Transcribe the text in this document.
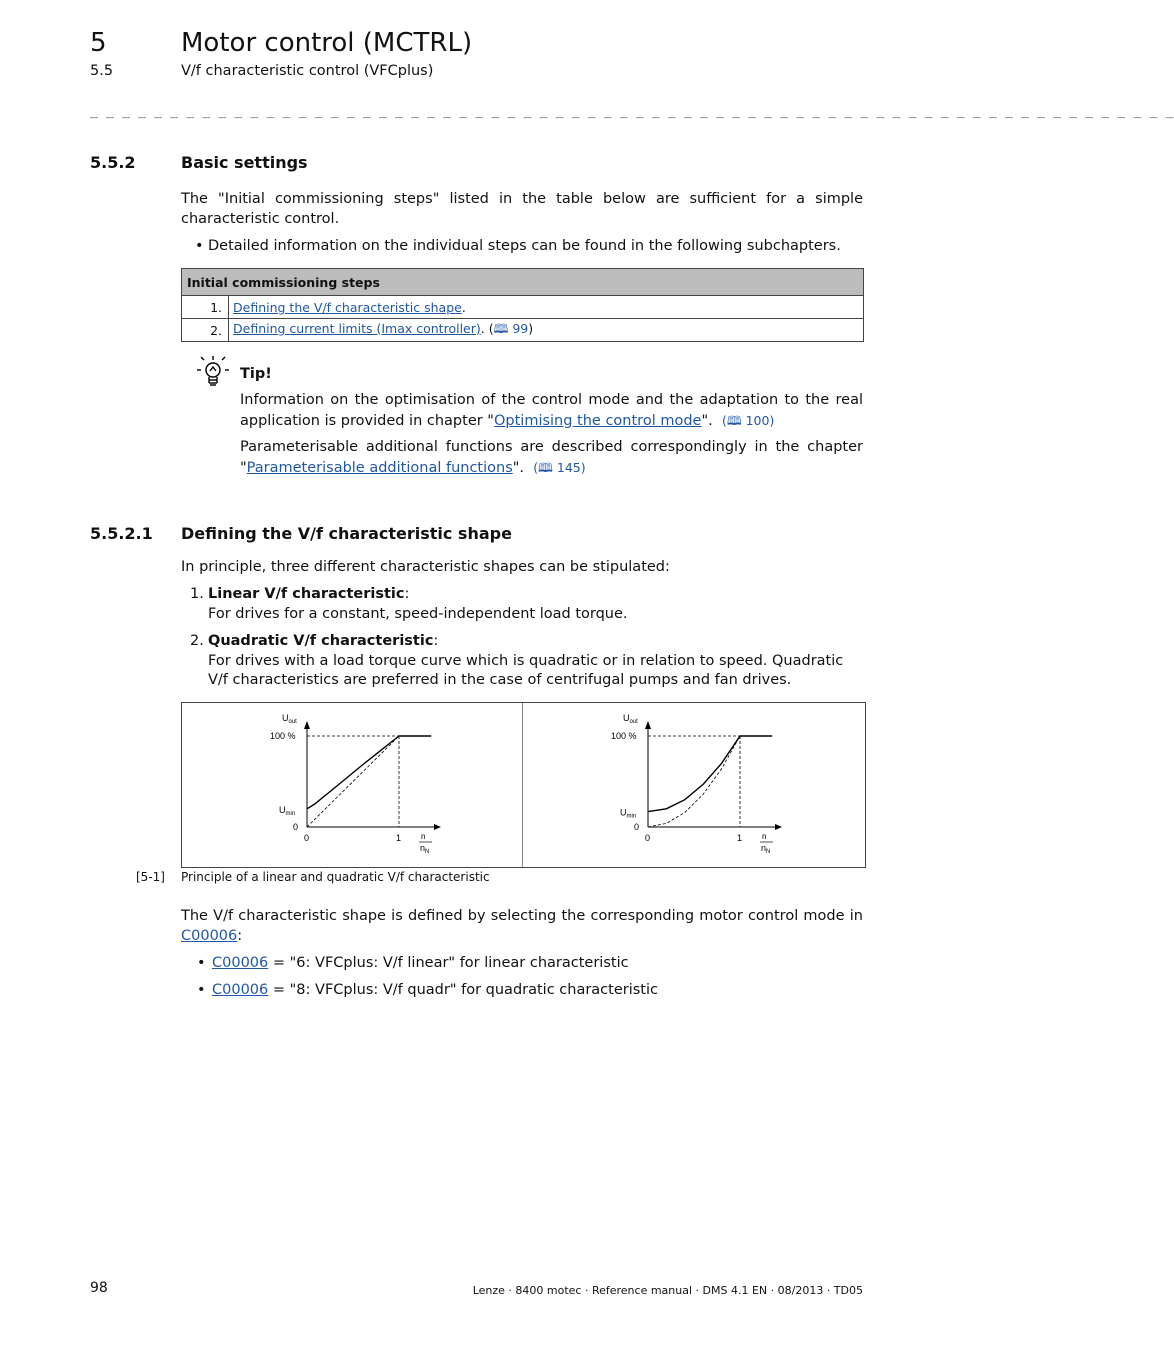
5	Motor control (MCTRL)
5.5	V/f characteristic control (VFCplus)
_ _ _ _ _ _ _ _ _ _ _ _ _ _ _ _ _ _ _ _ _ _ _ _ _ _ _ _ _ _ _ _ _ _ _ _ _ _ _ _ _ _ _ _ _ _ _ _ _ _ _ _ _ _ _ _ _ _ _ _ _ _ _ _ _ _ _ _
5.5.2	Basic settings
The "Initial commissioning steps" listed in the table below are sufficient for a simple characteristic control.
• Detailed information on the individual steps can be found in the following subchapters.
Initial commissioning steps	
1.	Defining the V/f characteristic shape.
2.	Defining current limits (Imax controller). (🕮 99)
Tip!
Information on the optimisation of the control mode and the adaptation to the real application is provided in chapter "Optimising the control mode". (🕮 100)
Parameterisable additional functions are described correspondingly in the chapter "Parameterisable additional functions". (🕮 145)
5.5.2.1 Defining the V/f characteristic shape
In principle, three different characteristic shapes can be stipulated:
1. Linear V/f characteristic:
For drives for a constant, speed-independent load torque.
2. Quadratic V/f characteristic:
For drives with a load torque curve which is quadratic or in relation to speed. Quadratic V/f characteristics are preferred in the case of centrifugal pumps and fan drives.
$U_{out}$
100 %
$U_{min}$
0
0	1 n
$n_N$
$U_{out}$
100 %
$U_{min}$
0
0	1 n
$n_N$
[5-1] Principle of a linear and quadratic V/f characteristic
The V/f characteristic shape is defined by selecting the corresponding motor control mode in C00006:
• C00006 = "6: VFCplus: V/f linear" for linear characteristic
• C00006 = "8: VFCplus: V/f quadr" for quadratic characteristic
98	Lenze · 8400 motec · Reference manual · DMS 4.1 EN · 08/2013 · TD05
